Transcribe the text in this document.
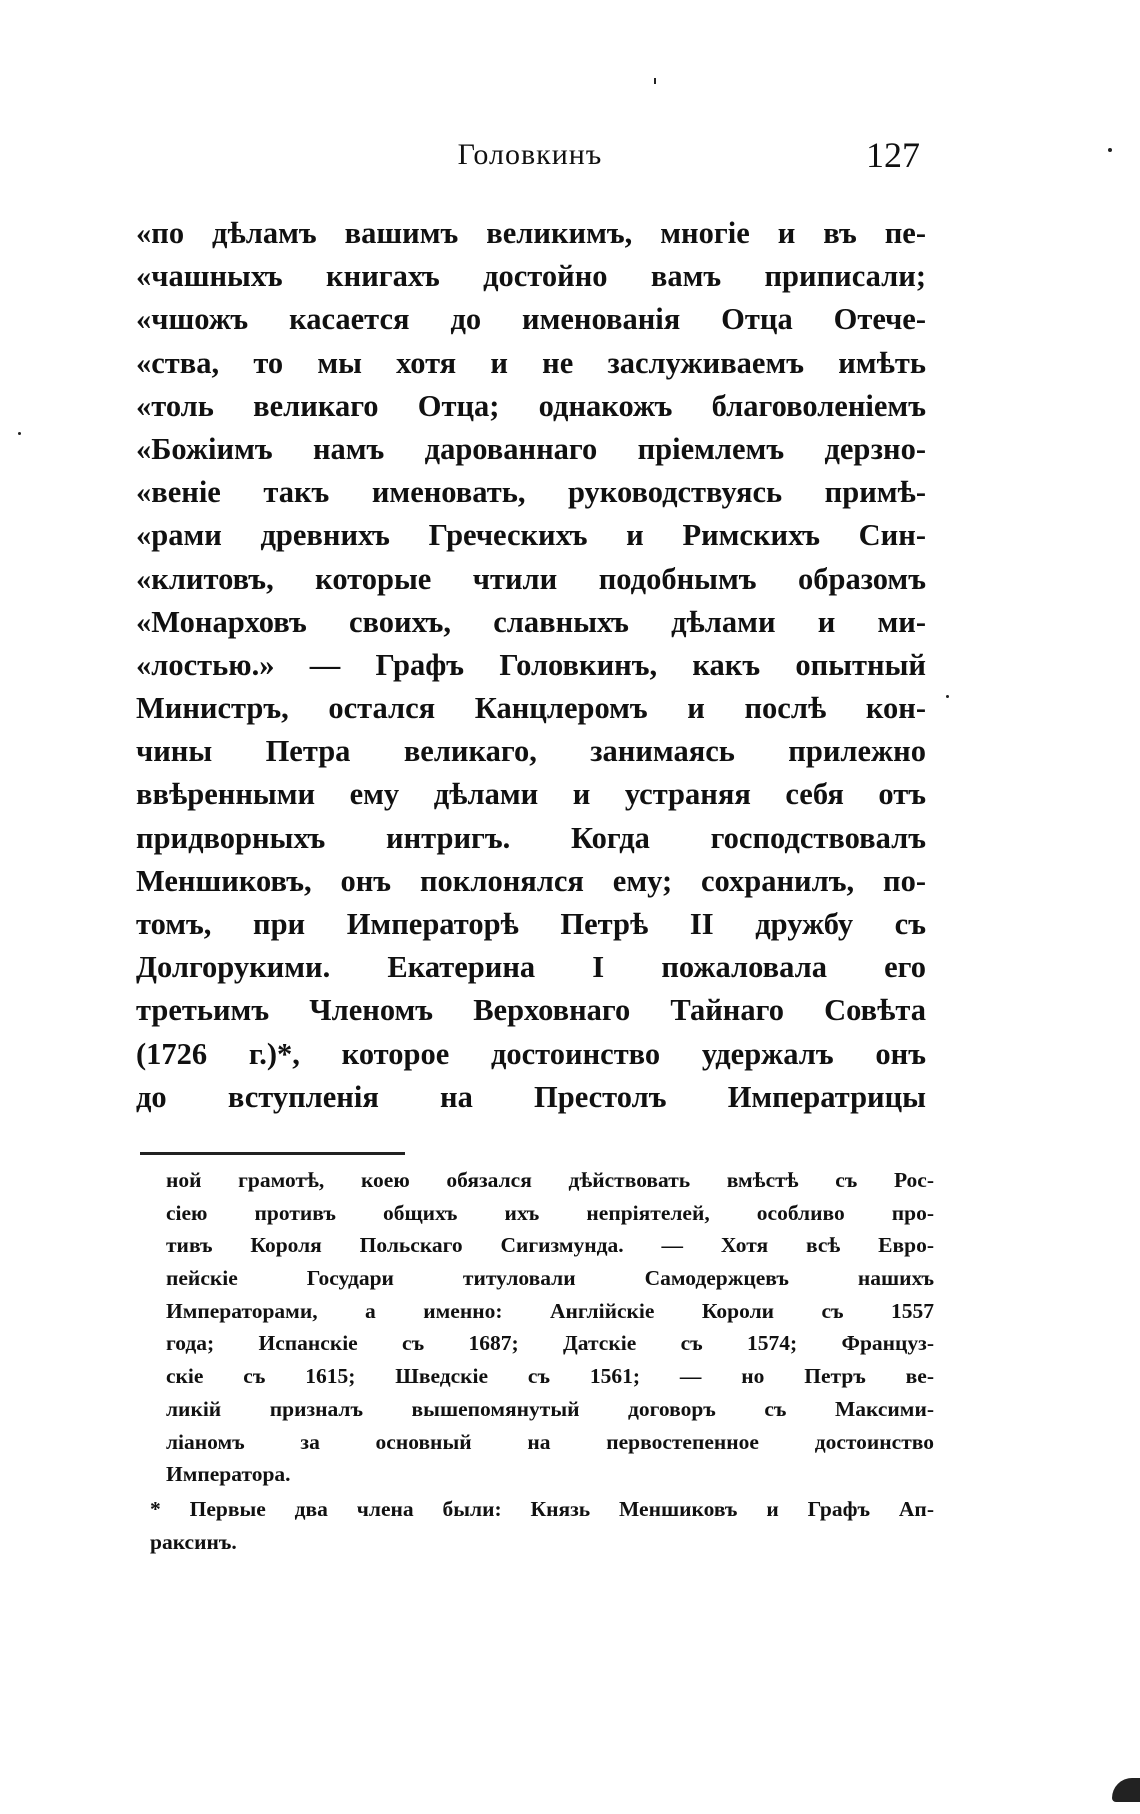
Головкинъ	127
«по дѣламъ вашимъ великимъ, многiе и въ пе-
«чашныхъ книгахъ достойно вамъ приписали;
«чшожъ касается до именованiя Отца Отече-
«ства, то мы хотя и не заслуживаемъ имѣть
«толь великаго Отца; однакожъ благоволенiемъ
«Божiимъ намъ дарованнаго прiемлемъ дерзно-
«венiе такъ именовать, руководствуясь примѣ-
«рами древнихъ Греческихъ и Римскихъ Син-
«клитовъ, которые чтили подобнымъ образомъ
«Монарховъ своихъ, славныхъ дѣлами и ми-
«лостью.» — Графъ Головкинъ, какъ опытный
Министръ, остался Канцлеромъ и послѣ кон-
чины Петра великаго, занимаясь прилежно
ввѣренными ему дѣлами и устраняя себя отъ
придворныхъ интригъ. Когда господствовалъ
Меншиковъ, онъ поклонялся ему; сохранилъ, по-
томъ, при Императорѣ Петрѣ II дружбу съ
Долгорукими. Екатерина I пожаловала его
третьимъ Членомъ Верховнаго Тайнаго Совѣта
(1726 г.)*, которое достоинство удержалъ онъ
до вступленiя на Престолъ Императрицы
ной грамотѣ, коею обязался дѣйствовать вмѣстѣ съ Рос-
сiею противъ общихъ ихъ непрiятелей, особливо про-
тивъ Короля Польскаго Сигизмунда. — Хотя всѣ Евро-
пейскiе Государи титуловали Самодержцевъ нашихъ
Императорами, а именно: Англiйскiе Короли съ 1557
года; Испанскiе съ 1687; Датскiе съ 1574; Француз-
скiе съ 1615; Шведскiе съ 1561; — но Петръ ве-
ликiй призналъ вышепомянутый договоръ съ Максими-
лiаномъ за основный на первостепенное достоинство
Императора.
* Первые два члена были: Князь Меншиковъ и Графъ Ап-
раксинъ.
